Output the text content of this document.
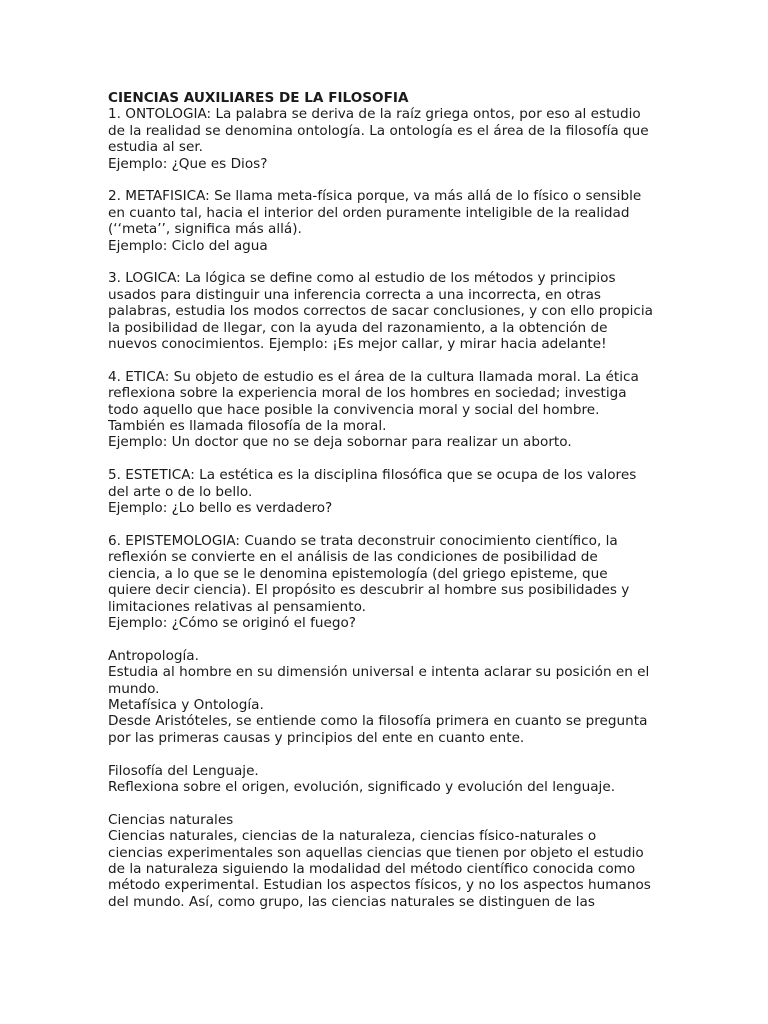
CIENCIAS AUXILIARES DE LA FILOSOFIA
1. ONTOLOGIA: La palabra se deriva de la raíz griega ontos, por eso al estudio
de la realidad se denomina ontología. La ontología es el área de la filosofía que
estudia al ser.
Ejemplo: ¿Que es Dios?
2. METAFISICA: Se llama meta-física porque, va más allá de lo físico o sensible
en cuanto tal, hacia el interior del orden puramente inteligible de la realidad
(‘‘meta’’, significa más allá).
Ejemplo: Ciclo del agua
3. LOGICA: La lógica se define como al estudio de los métodos y principios
usados para distinguir una inferencia correcta a una incorrecta, en otras
palabras, estudia los modos correctos de sacar conclusiones, y con ello propicia
la posibilidad de llegar, con la ayuda del razonamiento, a la obtención de
nuevos conocimientos. Ejemplo: ¡Es mejor callar, y mirar hacia adelante!
4. ETICA: Su objeto de estudio es el área de la cultura llamada moral. La ética
reflexiona sobre la experiencia moral de los hombres en sociedad; investiga
todo aquello que hace posible la convivencia moral y social del hombre.
También es llamada filosofía de la moral.
Ejemplo: Un doctor que no se deja sobornar para realizar un aborto.
5. ESTETICA: La estética es la disciplina filosófica que se ocupa de los valores
del arte o de lo bello.
Ejemplo: ¿Lo bello es verdadero?
6. EPISTEMOLOGIA: Cuando se trata deconstruir conocimiento científico, la
reflexión se convierte en el análisis de las condiciones de posibilidad de
ciencia, a lo que se le denomina epistemología (del griego episteme, que
quiere decir ciencia). El propósito es descubrir al hombre sus posibilidades y
limitaciones relativas al pensamiento.
Ejemplo: ¿Cómo se originó el fuego?
Antropología.
Estudia al hombre en su dimensión universal e intenta aclarar su posición en el
mundo.
Metafísica y Ontología.
Desde Aristóteles, se entiende como la filosofía primera en cuanto se pregunta
por las primeras causas y principios del ente en cuanto ente.
Filosofía del Lenguaje.
Reflexiona sobre el origen, evolución, significado y evolución del lenguaje.
Ciencias naturales
Ciencias naturales, ciencias de la naturaleza, ciencias físico-naturales o
ciencias experimentales son aquellas ciencias que tienen por objeto el estudio
de la naturaleza siguiendo la modalidad del método científico conocida como
método experimental. Estudian los aspectos físicos, y no los aspectos humanos
del mundo. Así, como grupo, las ciencias naturales se distinguen de las
